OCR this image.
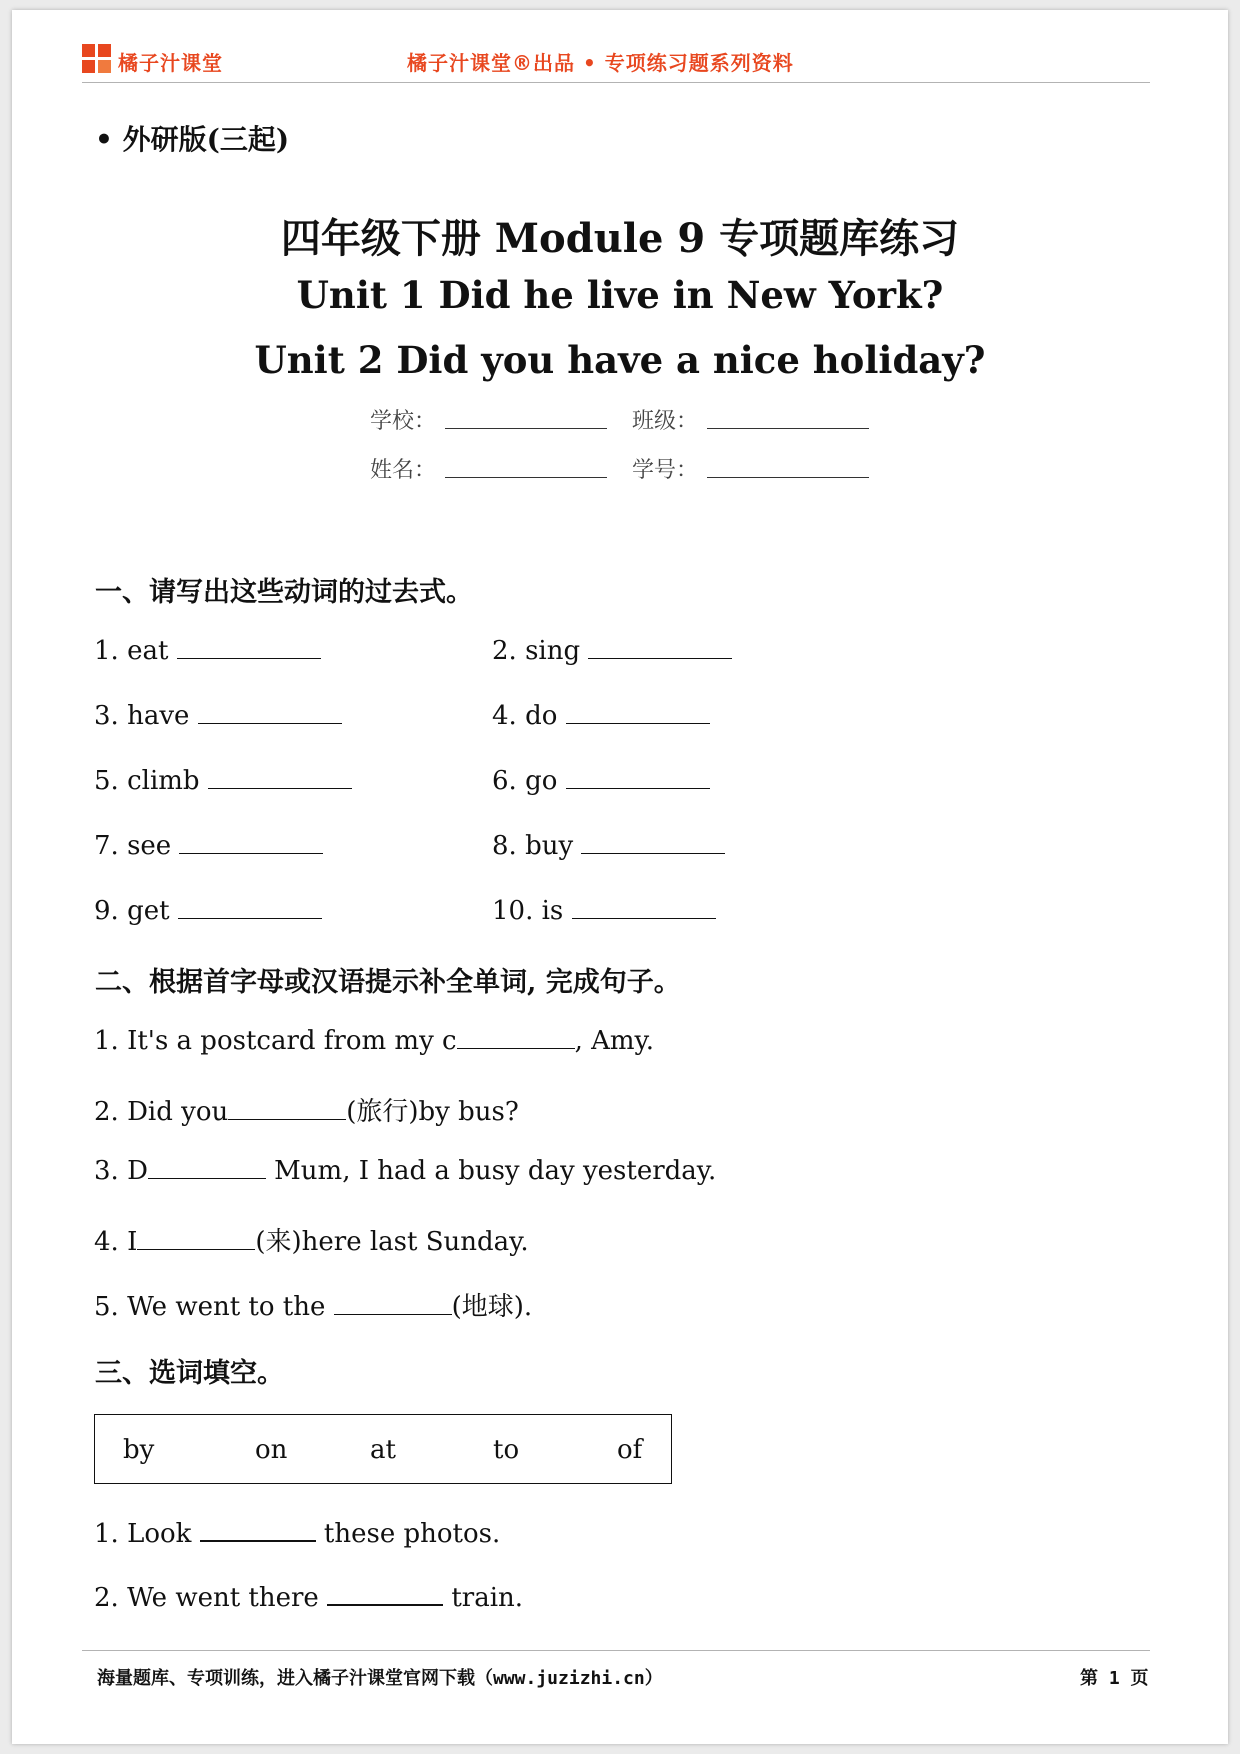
橘子汁课堂	橘子汁课堂®出品 • 专项练习题系列资料
• 外研版(三起)
四年级下册 Module 9 专项题库练习
Unit 1 Did he live in New York?
Unit 2 Did you have a nice holiday?
学校：	班级：
姓名：	学号：
一、请写出这些动词的过去式。
1. eat	2. sing
3. have	4. do
5. climb	6. go
7. see	8. buy
9. get	10. is
二、根据首字母或汉语提示补全单词, 完成句子。
1. It's a postcard from my c	, Amy.
2. Did you	(旅行)by bus?
3. D	Mum, I had a busy day yesterday.
4. I	(来)here last Sunday.
5. We went to the	(地球).
三、选词填空。
by	on	at	to	of
1. Look	these photos.
2. We went there	train.
海量题库、专项训练，进入橘子汁课堂官网下载（www.juzizhi.cn）	第 1 页
